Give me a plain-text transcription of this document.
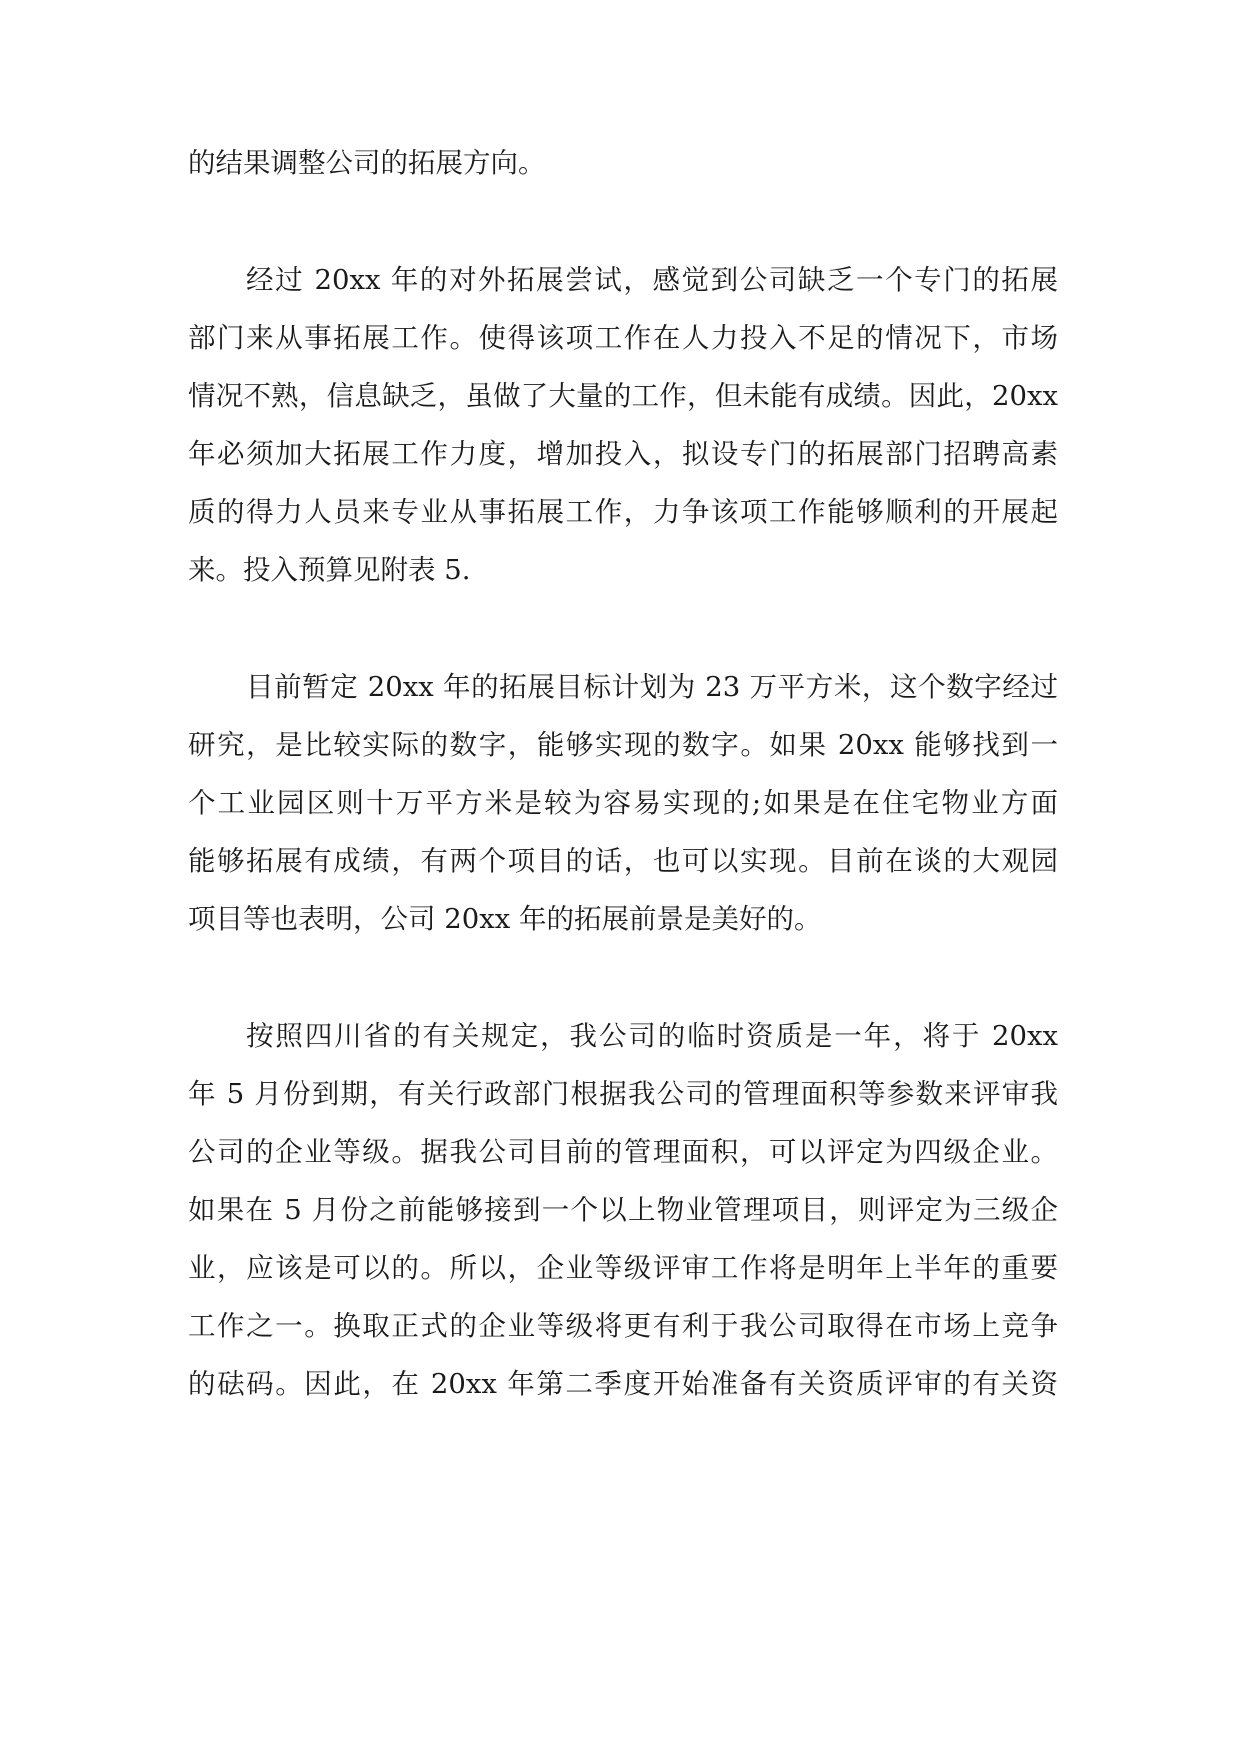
的结果调整公司的拓展方向。
经过 20xx 年的对外拓展尝试，感觉到公司缺乏一个专门的拓展
部门来从事拓展工作。使得该项工作在人力投入不足的情况下，市场
情况不熟，信息缺乏，虽做了大量的工作，但未能有成绩。因此，20xx
年必须加大拓展工作力度，增加投入，拟设专门的拓展部门招聘高素
质的得力人员来专业从事拓展工作，力争该项工作能够顺利的开展起
来。投入预算见附表 5.
目前暂定 20xx 年的拓展目标计划为 23 万平方米，这个数字经过
研究，是比较实际的数字，能够实现的数字。如果 20xx 能够找到一
个工业园区则十万平方米是较为容易实现的;如果是在住宅物业方面
能够拓展有成绩，有两个项目的话，也可以实现。目前在谈的大观园
项目等也表明，公司 20xx 年的拓展前景是美好的。
按照四川省的有关规定，我公司的临时资质是一年，将于 20xx
年 5 月份到期，有关行政部门根据我公司的管理面积等参数来评审我
公司的企业等级。据我公司目前的管理面积，可以评定为四级企业。
如果在 5 月份之前能够接到一个以上物业管理项目，则评定为三级企
业，应该是可以的。所以，企业等级评审工作将是明年上半年的重要
工作之一。换取正式的企业等级将更有利于我公司取得在市场上竞争
的砝码。因此，在 20xx 年第二季度开始准备有关资质评审的有关资
